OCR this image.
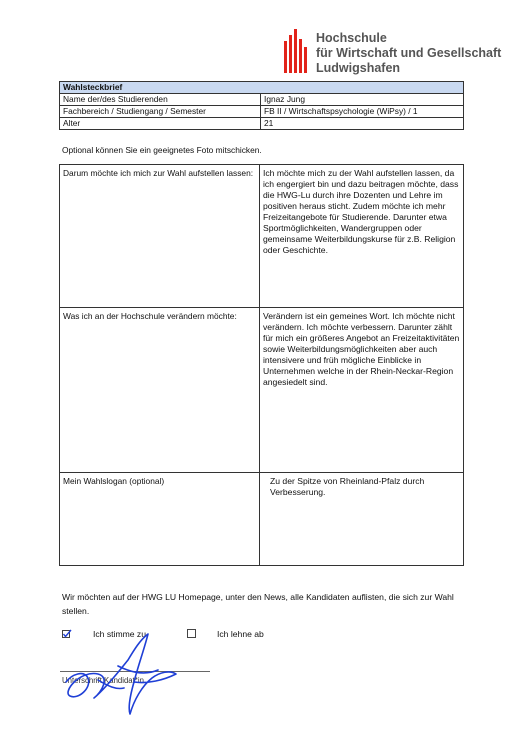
Hochschule
für Wirtschaft und Gesellschaft
Ludwigshafen
Wahlsteckbrief	
Name der/des Studierenden	Ignaz Jung
Fachbereich / Studiengang / Semester	FB II / Wirtschaftspsychologie (WiPsy) / 1
Alter	21
Optional können Sie ein geeignetes Foto mitschicken.
Darum möchte ich mich zur Wahl aufstellen lassen:	Ich möchte mich zu der Wahl aufstellen lassen, da ich engergiert bin und dazu beitragen möchte, dass die HWG-Lu durch ihre Dozenten und Lehre im positiven heraus sticht. Zudem möchte ich mehr Freizeitangebote für Studierende. Darunter etwa Sportmöglichkeiten, Wandergruppen oder gemeinsame Weiterbildungskurse für z.B. Religion oder Geschichte.
Was ich an der Hochschule verändern möchte:	Verändern ist ein gemeines Wort. Ich möchte nicht verändern. Ich möchte verbessern. Darunter zählt für mich ein größeres Angebot an Freizeitaktivitäten sowie Weiterbildungsmöglichkeiten aber auch intensivere und früh mögliche Einblicke in Unternehmen welche in der Rhein-Neckar-Region angesiedelt sind.
Mein Wahlslogan (optional)	Zu der Spitze von Rheinland-Pfalz durch Verbesserung.
Wir möchten auf der HWG LU Homepage, unter den News, alle Kandidaten auflisten, die sich zur Wahl stellen.
Ich stimme zu	Ich lehne ab
Unterschrift Kandidat*in
